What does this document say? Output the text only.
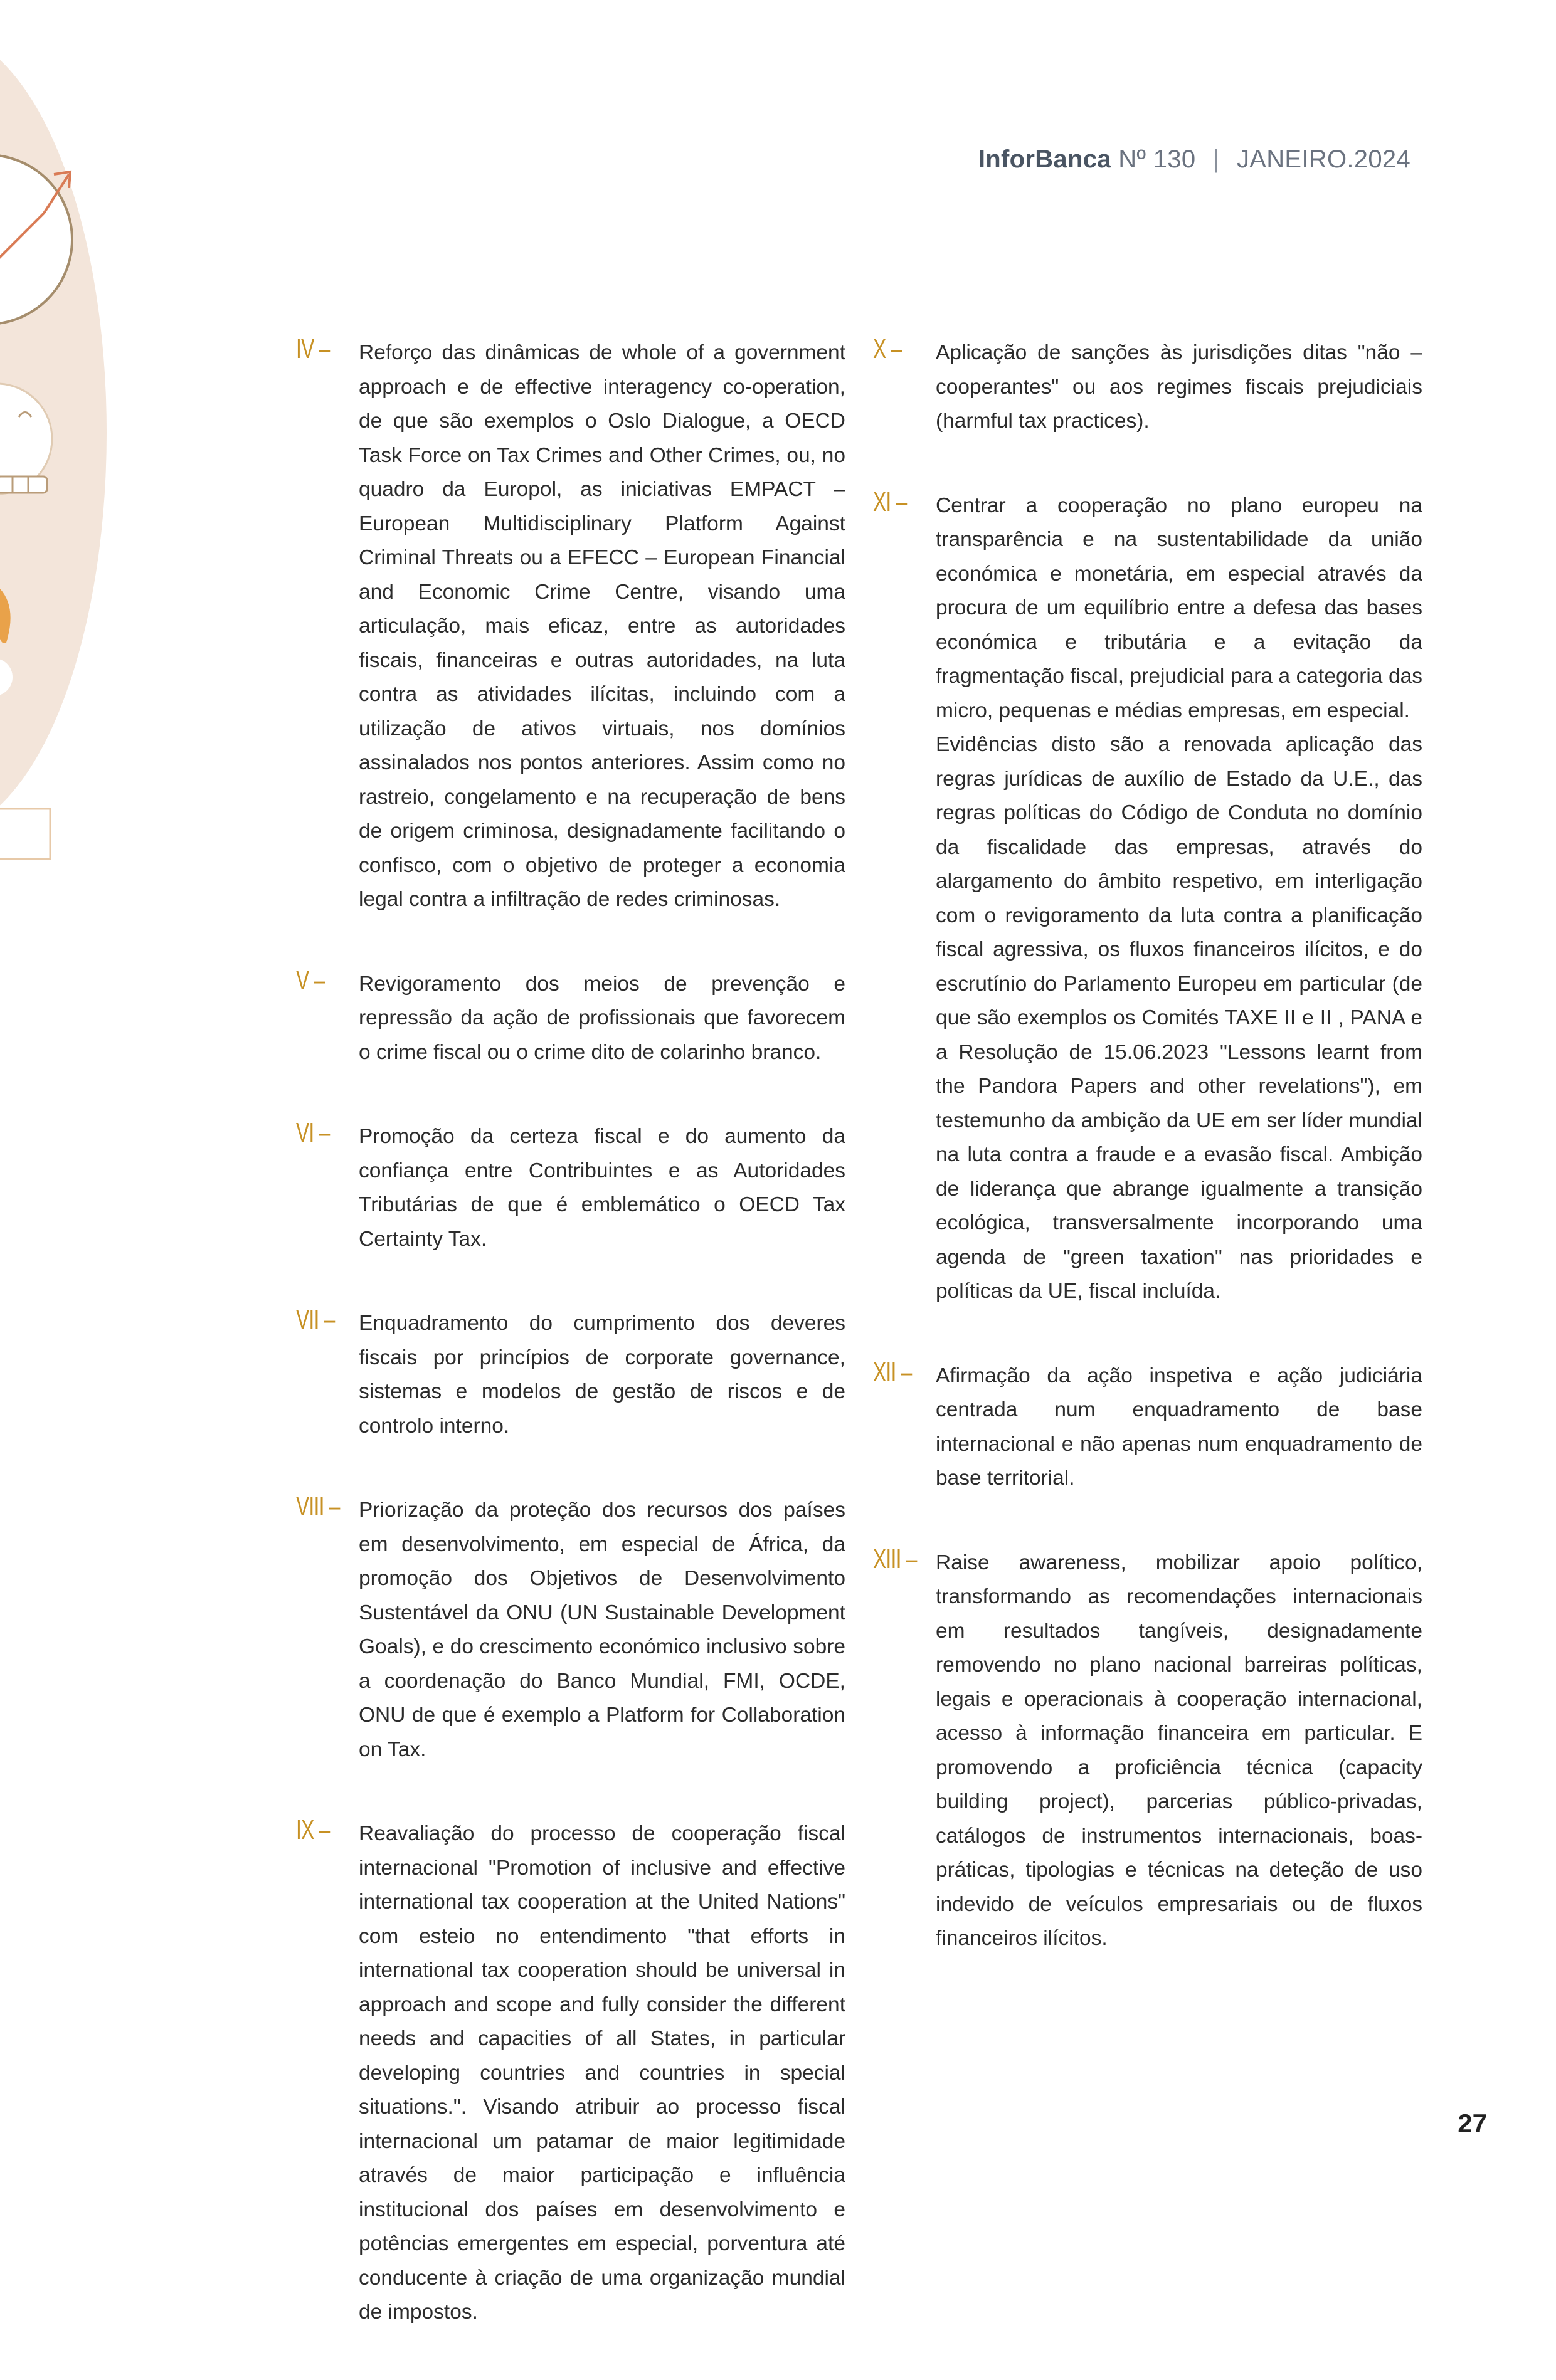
InforBanca Nº 130 | JANEIRO.2024
IV – Reforço das dinâmicas de whole of a government approach e de effective interagency co-operation, de que são exemplos o Oslo Dialogue, a OECD Task Force on Tax Crimes and Other Crimes, ou, no quadro da Europol, as iniciativas EMPACT – European Multidisciplinary Platform Against Criminal Threats ou a EFECC – European Financial and Economic Crime Centre, visando uma articulação, mais eficaz, entre as autoridades fiscais, financeiras e outras autoridades, na luta contra as atividades ilícitas, incluindo com a utilização de ativos virtuais, nos domínios assinalados nos pontos anteriores. Assim como no rastreio, congelamento e na recuperação de bens de origem criminosa, designadamente facilitando o confisco, com o objetivo de proteger a economia legal contra a infiltração de redes criminosas.

V – Revigoramento dos meios de prevenção e repressão da ação de profissionais que favorecem o crime fiscal ou o crime dito de colarinho branco.

VI – Promoção da certeza fiscal e do aumento da confiança entre Contribuintes e as Autoridades Tributárias de que é emblemático o OECD Tax Certainty Tax.

VII – Enquadramento do cumprimento dos deveres fiscais por princípios de corporate governance, sistemas e modelos de gestão de riscos e de controlo interno.

VIII – Priorização da proteção dos recursos dos países em desenvolvimento, em especial de África, da promoção dos Objetivos de Desenvolvimento Sustentável da ONU (UN Sustainable Development Goals), e do crescimento económico inclusivo sobre a coordenação do Banco Mundial, FMI, OCDE, ONU de que é exemplo a Platform for Collaboration on Tax.

IX – Reavaliação do processo de cooperação fiscal internacional "Promotion of inclusive and effective international tax cooperation at the United Nations" com esteio no entendimento "that efforts in international tax cooperation should be universal in approach and scope and fully consider the different needs and capacities of all States, in particular developing countries and countries in special situations.". Visando atribuir ao processo fiscal internacional um patamar de maior legitimidade através de maior participação e influência institucional dos países em desenvolvimento e potências emergentes em especial, porventura até conducente à criação de uma organização mundial de impostos.

X – Aplicação de sanções às jurisdições ditas "não – cooperantes" ou aos regimes fiscais prejudiciais (harmful tax practices).

XI – Centrar a cooperação no plano europeu na transparência e na sustentabilidade da união económica e monetária, em especial através da procura de um equilíbrio entre a defesa das bases económica e tributária e a evitação da fragmentação fiscal, prejudicial para a categoria das micro, pequenas e médias empresas, em especial.

Evidências disto são a renovada aplicação das regras jurídicas de auxílio de Estado da U.E., das regras políticas do Código de Conduta no domínio da fiscalidade das empresas, através do alargamento do âmbito respetivo, em interligação com o revigoramento da luta contra a planificação fiscal agressiva, os fluxos financeiros ilícitos, e do escrutínio do Parlamento Europeu em particular (de que são exemplos os Comités TAXE II e II , PANA e a Resolução de 15.06.2023 "Lessons learnt from the Pandora Papers and other revelations"), em testemunho da ambição da UE em ser líder mundial na luta contra a fraude e a evasão fiscal. Ambição de liderança que abrange igualmente a transição ecológica, transversalmente incorporando uma agenda de "green taxation" nas prioridades e políticas da UE, fiscal incluída.

XII – Afirmação da ação inspetiva e ação judiciária centrada num enquadramento de base internacional e não apenas num enquadramento de base territorial.

XIII – Raise awareness, mobilizar apoio político, transformando as recomendações internacionais em resultados tangíveis, designadamente removendo no plano nacional barreiras políticas, legais e operacionais à cooperação internacional, acesso à informação financeira em particular. E promovendo a proficiência técnica (capacity building project), parcerias público-privadas, catálogos de instrumentos internacionais, boas-práticas, tipologias e técnicas na deteção de uso indevido de veículos empresariais ou de fluxos financeiros ilícitos.

27
